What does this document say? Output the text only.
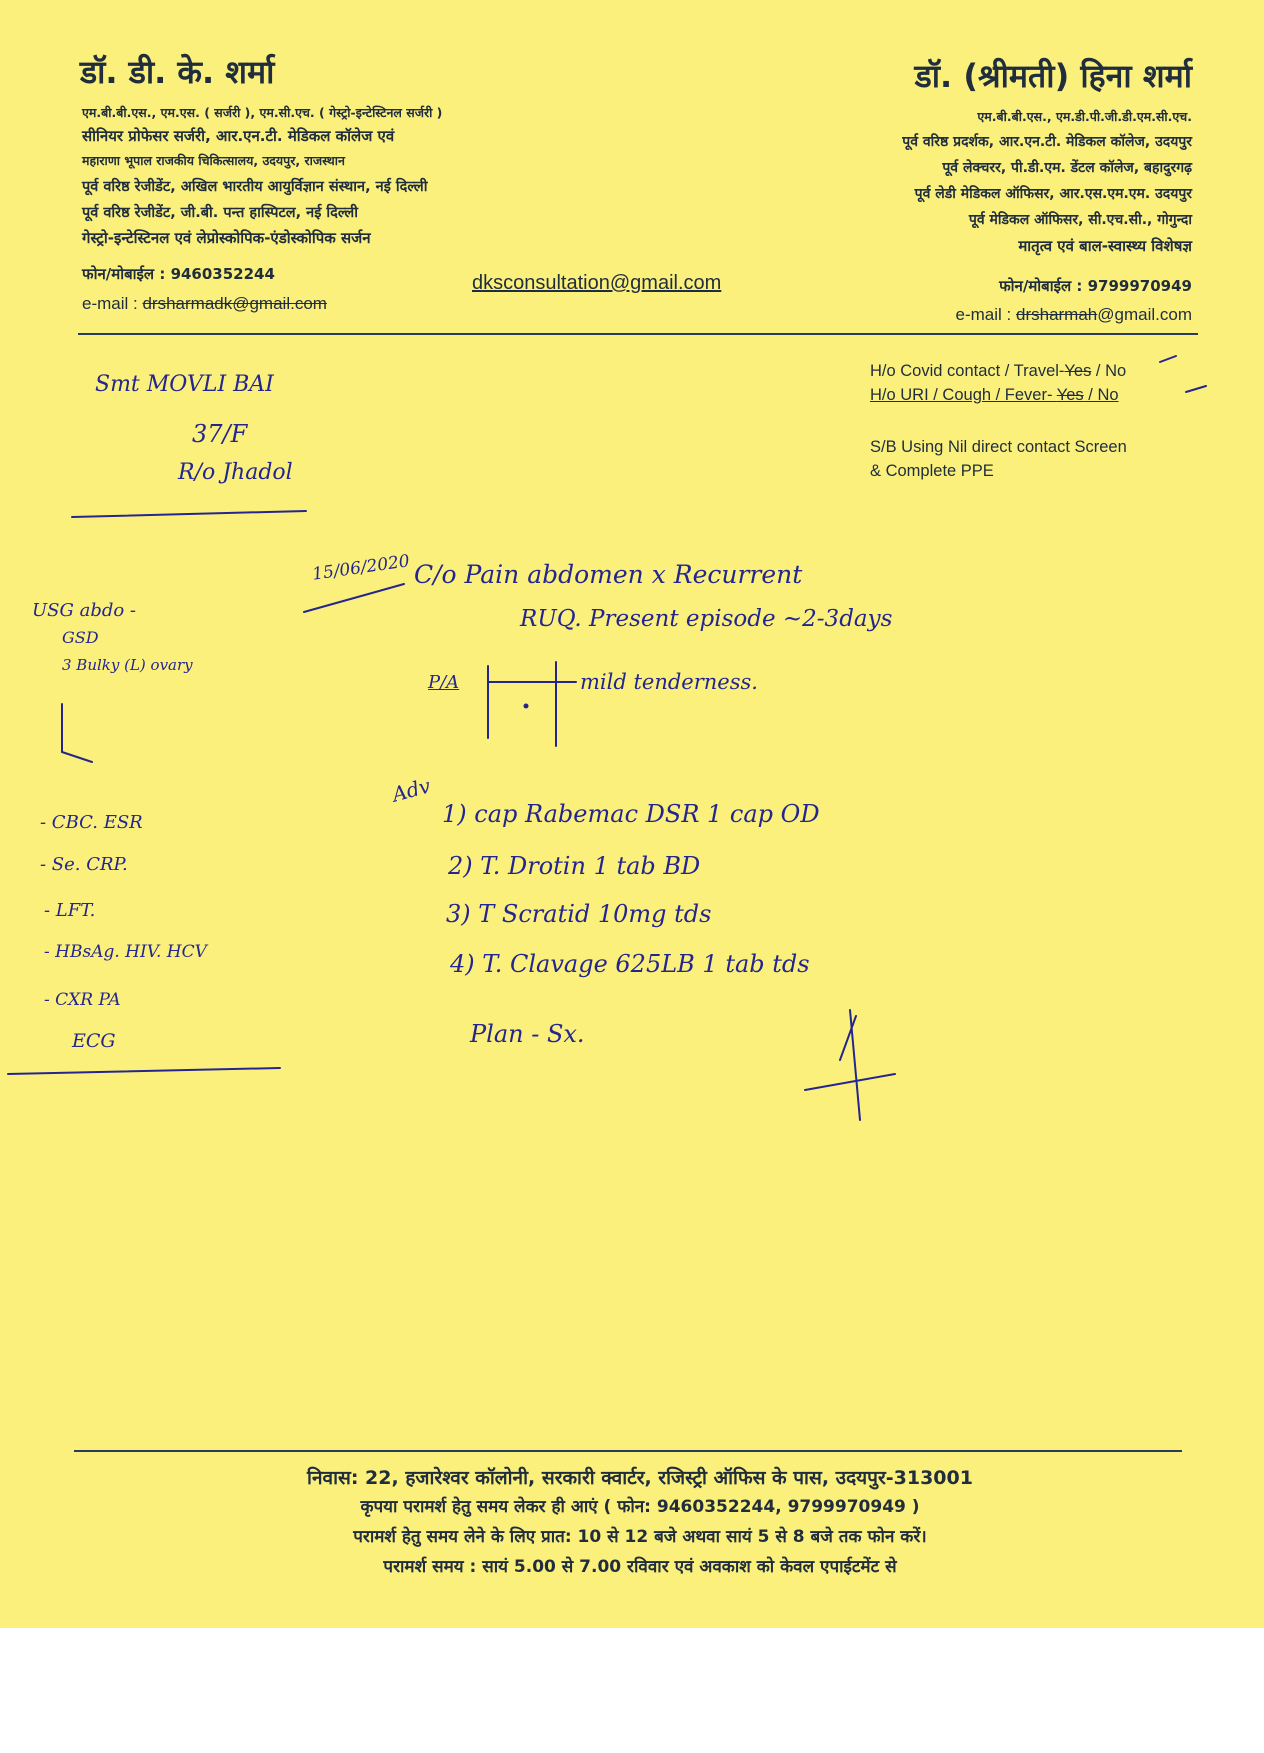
डॉ. डी. के. शर्मा
एम.बी.बी.एस., एम.एस. ( सर्जरी ), एम.सी.एच. ( गेस्ट्रो-इन्टेस्टिनल सर्जरी )
सीनियर प्रोफेसर सर्जरी, आर.एन.टी. मेडिकल कॉलेज एवं
महाराणा भूपाल राजकीय चिकित्सालय, उदयपुर, राजस्थान
पूर्व वरिष्ठ रेजीडेंट, अखिल भारतीय आयुर्विज्ञान संस्थान, नई दिल्ली
पूर्व वरिष्ठ रेजीडेंट, जी.बी. पन्त हास्पिटल, नई दिल्ली
गेस्ट्रो-इन्टेस्टिनल एवं लेप्रोस्कोपिक-एंडोस्कोपिक सर्जन
फोन/मोबाईल : 9460352244
e-mail : drsharmadk@gmail.com
dksconsultation@gmail.com
डॉ. (श्रीमती) हिना शर्मा
एम.बी.बी.एस., एम.डी.पी.जी.डी.एम.सी.एच.
पूर्व वरिष्ठ प्रदर्शक, आर.एन.टी. मेडिकल कॉलेज, उदयपुर
पूर्व लेक्चरर, पी.डी.एम. डेंटल कॉलेज, बहादुरगढ़
पूर्व लेडी मेडिकल ऑफिसर, आर.एस.एम.एम. उदयपुर
पूर्व मेडिकल ऑफिसर, सी.एच.सी., गोगुन्दा
मातृत्व एवं बाल-स्वास्थ्य विशेषज्ञ
फोन/मोबाईल : 9799970949
e-mail : drsharmah@gmail.com
H/o Covid contact / Travel-Yes / No
H/o URI / Cough / Fever- Yes / No
S/B Using Nil direct contact Screen
& Complete PPE
Smt MOVLI BAI
37/F
R/o Jhadol
15/06/2020 C/o Pain abdomen x Recurrent
RUQ. Present episode ~2-3days
P/A	mild tenderness.
USG abdo -
GSD
3 Bulky (L) ovary
Adv
1) cap Rabemac DSR 1 cap OD
2) T. Drotin 1 tab BD
3) T Scratid 10mg tds
4) T. Clavage 625LB 1 tab tds
Plan - Sx.
- CBC. ESR
- Se. CRP.
- LFT.
- HBsAg. HIV. HCV
- CXR PA
ECG
निवास: 22, हजारेश्वर कॉलोनी, सरकारी क्वार्टर, रजिस्ट्री ऑफिस के पास, उदयपुर-313001
कृपया परामर्श हेतु समय लेकर ही आएं ( फोन: 9460352244, 9799970949 )
परामर्श हेतु समय लेने के लिए प्रात: 10 से 12 बजे अथवा सायं 5 से 8 बजे तक फोन करें।
परामर्श समय : सायं 5.00 से 7.00 रविवार एवं अवकाश को केवल एपाईटमेंट से
